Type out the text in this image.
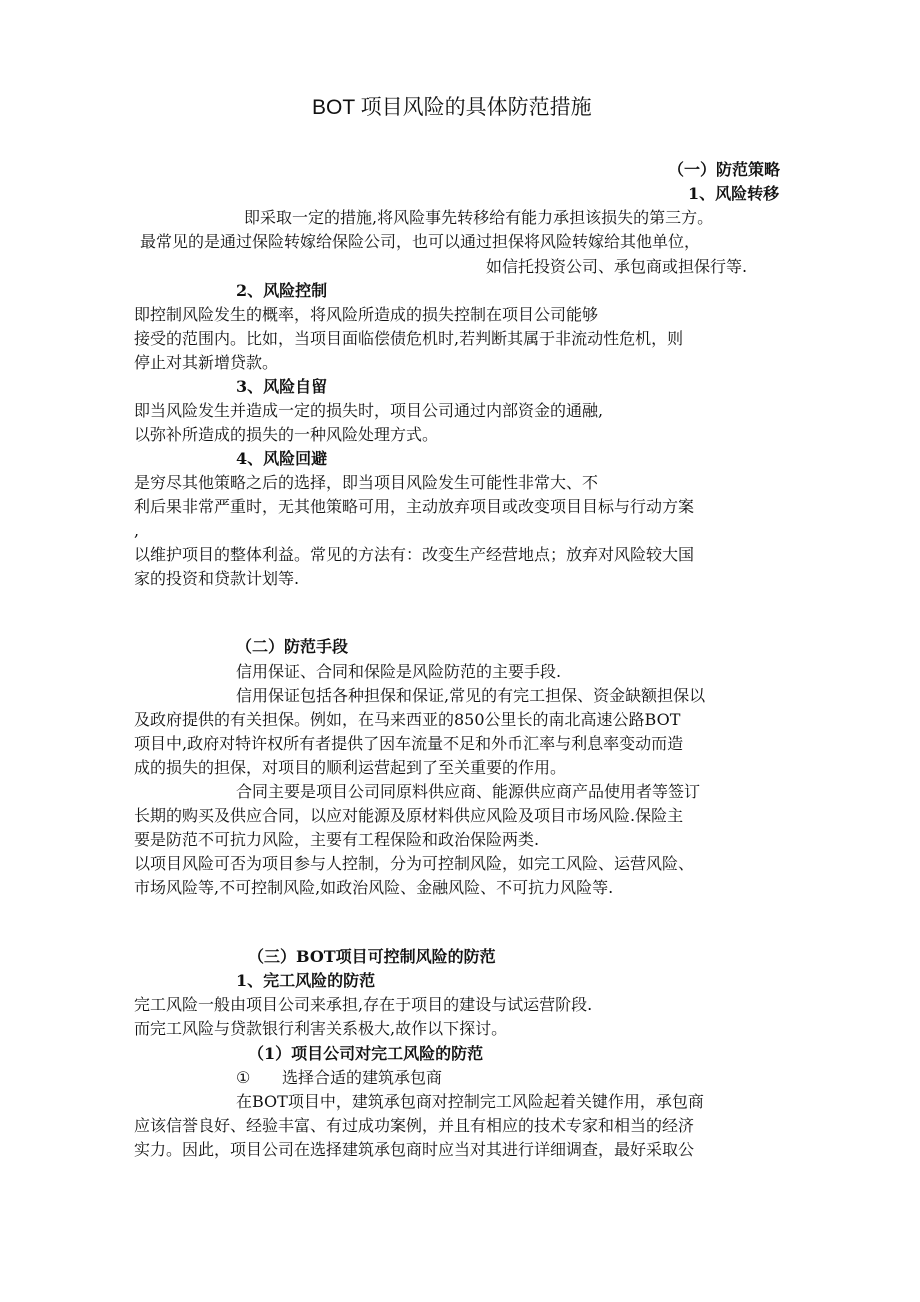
BOT 项目风险的具体防范措施
（一）防范策略
1、风险转移
即采取一定的措施,将风险事先转移给有能力承担该损失的第三方。
最常见的是通过保险转嫁给保险公司，也可以通过担保将风险转嫁给其他单位，
如信托投资公司、承包商或担保行等.
2、风险控制
即控制风险发生的概率，将风险所造成的损失控制在项目公司能够
接受的范围内。比如，当项目面临偿债危机时,若判断其属于非流动性危机，则
停止对其新增贷款。
3、风险自留
即当风险发生并造成一定的损失时，项目公司通过内部资金的通融,
以弥补所造成的损失的一种风险处理方式。
4、风险回避
是穷尽其他策略之后的选择，即当项目风险发生可能性非常大、不
利后果非常严重时，无其他策略可用，主动放弃项目或改变项目目标与行动方案
,
以维护项目的整体利益。常见的方法有：改变生产经营地点；放弃对风险较大国
家的投资和贷款计划等.
（二）防范手段
信用保证、合同和保险是风险防范的主要手段.
信用保证包括各种担保和保证,常见的有完工担保、资金缺额担保以
及政府提供的有关担保。例如，在马来西亚的850公里长的南北高速公路BOT
项目中,政府对特许权所有者提供了因车流量不足和外币汇率与利息率变动而造
成的损失的担保，对项目的顺利运营起到了至关重要的作用。
合同主要是项目公司同原料供应商、能源供应商产品使用者等签订
长期的购买及供应合同，以应对能源及原材料供应风险及项目市场风险.保险主
要是防范不可抗力风险，主要有工程保险和政治保险两类.
以项目风险可否为项目参与人控制，分为可控制风险，如完工风险、运营风险、
市场风险等,不可控制风险,如政治风险、金融风险、不可抗力风险等.
（三）BOT项目可控制风险的防范
1、完工风险的防范
完工风险一般由项目公司来承担,存在于项目的建设与试运营阶段.
而完工风险与贷款银行利害关系极大,故作以下探讨。
（1）项目公司对完工风险的防范
① 选择合适的建筑承包商
在BOT项目中，建筑承包商对控制完工风险起着关键作用，承包商
应该信誉良好、经验丰富、有过成功案例，并且有相应的技术专家和相当的经济
实力。因此，项目公司在选择建筑承包商时应当对其进行详细调查，最好采取公
